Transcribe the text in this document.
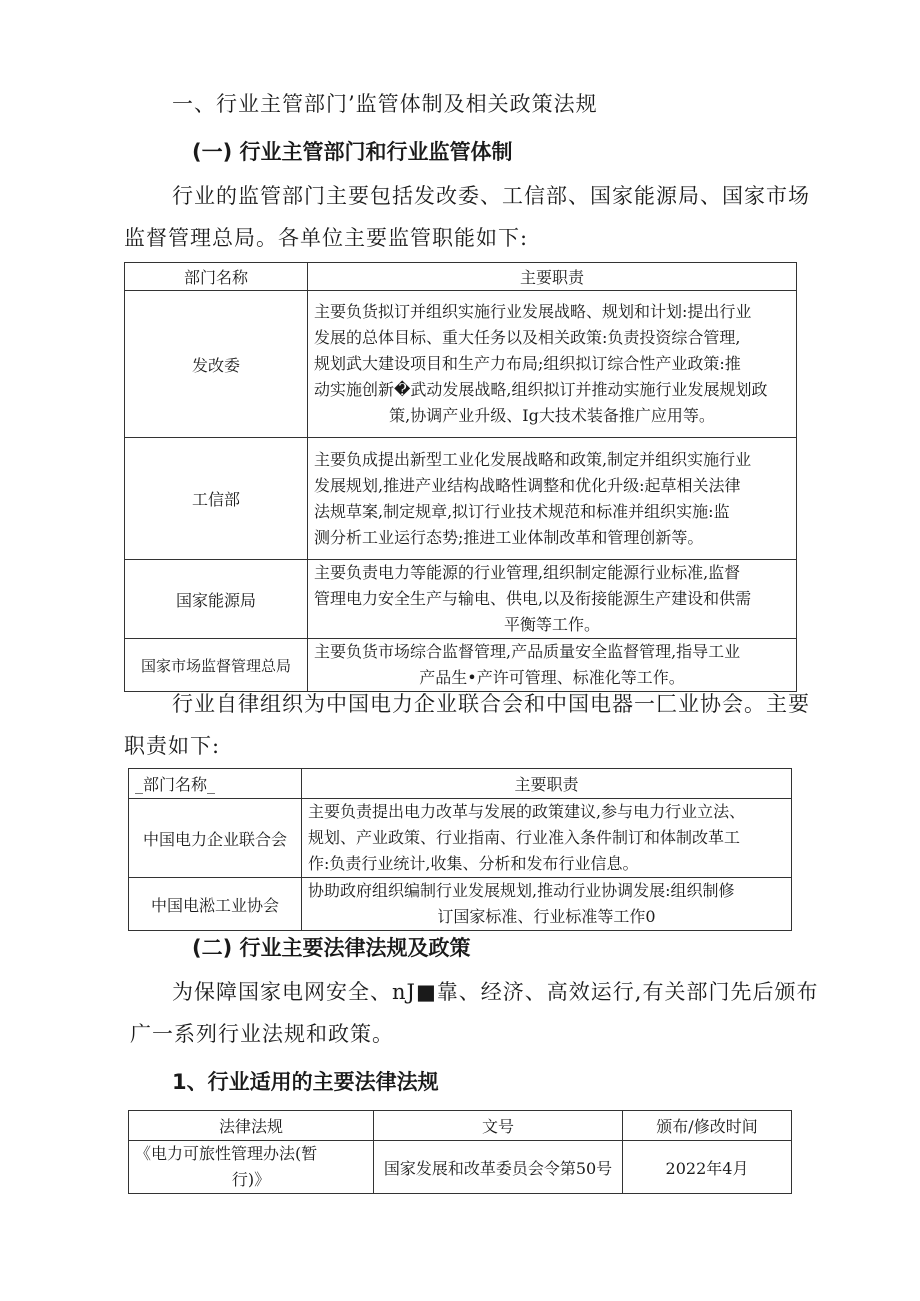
一、行业主管部门’监管体制及相关政策法规
(一) 行业主管部门和行业监管体制
行业的监管部门主要包括发改委、工信部、国家能源局、国家市场
监督管理总局。各单位主要监管职能如下:
部门名称	主要职责
发改委	主要负货拟订并组织实施行业发展战略、规划和计划:提出行业
发展的总体目标、重大任务以及相关政策:负责投资综合管理,
规划武大建设项目和生产力布局;组织拟订综合性产业政策:推
动实施创新�武动发展战略,组织拟订并推动实施行业发展规划政
策,协调产业升级、Ig大技术装备推广应用等。

工信部	主要负成提出新型工业化发展战略和政策,制定并组织实施行业
发展规划,推进产业结构战略性调整和优化升级:起草相关法律
法规草案,制定规章,拟订行业技术规范和标准并组织实施:监
测分析工业运行态势;推进工业体制改革和管理创新等。

国家能源局	主要负责电力等能源的行业管理,组织制定能源行业标准,监督
管理电力安全生产与输电、供电,以及衔接能源生产建设和供需
平衡等工作。

国家市场监督管理总局	主要负货市场综合监督管理,产品质量安全监督管理,指导工业
产品生•产许可管理、标准化等工作。
行业自律组织为中国电力企业联合会和中国电器一匚业协会。主要
职责如下:
_部门名称_	主要职责
中国电力企业联合会	主要负责提出电力改革与发展的政策建议,参与电力行业立法、
规划、产业政策、行业指南、行业准入条件制订和体制改革工
作:负责行业统计,收集、分析和发布行业信息。

中国电淞工业协会	协助政府组织编制行业发展规划,推动行业协调发展:组织制修
订国家标准、行业标准等工作0
(二) 行业主要法律法规及政策
为保障国家电网安全、nJ■靠、经济、高效运行,有关部门先后颁布
广一系列行业法规和政策。
1、行业适用的主要法律法规
法律法规	文号	颁布/修改时间

《电力可旅性管理办法(暂
行)》	国家发展和改革委员会令第50号	2022年4月
